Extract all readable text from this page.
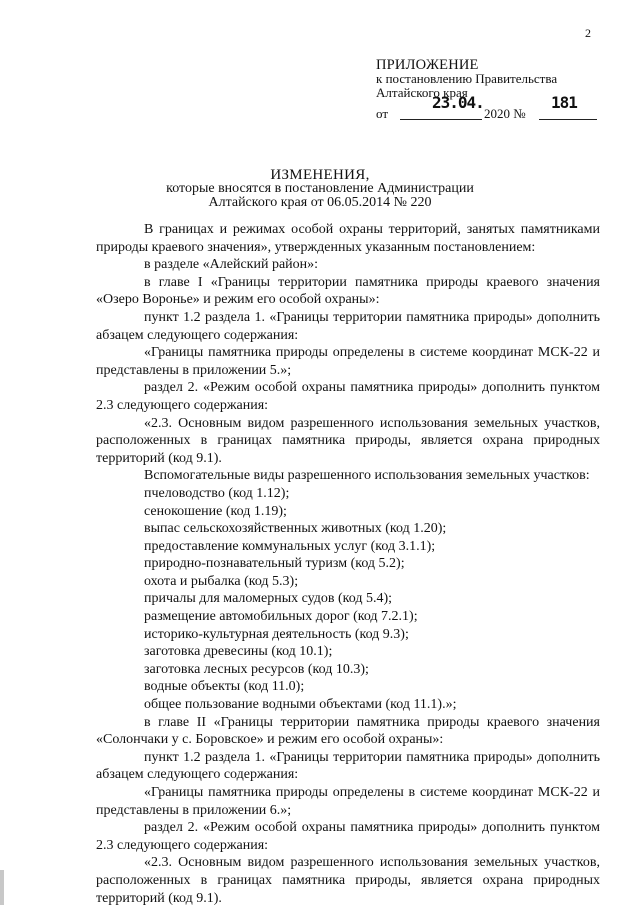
2
ПРИЛОЖЕНИЕ
к постановлению Правительства
Алтайского края
от
23.04.
2020 №
181
ИЗМЕНЕНИЯ,
которые вносятся в постановление Администрации
Алтайского края от 06.05.2014 № 220

В границах и режимах особой охраны территорий, занятых памятниками природы краевого значения», утвержденных указанным постановлением:

в разделе «Алейский район»:

в главе I «Границы территории памятника природы краевого значения «Озеро Воронье» и режим его особой охраны»:

пункт 1.2 раздела 1. «Границы территории памятника природы» дополнить абзацем следующего содержания:

«Границы памятника природы определены в системе координат МСК-22 и представлены в приложении 5.»;

раздел 2. «Режим особой охраны памятника природы» дополнить пунктом 2.3 следующего содержания:

«2.3. Основным видом разрешенного использования земельных участков, расположенных в границах памятника природы, является охрана природных территорий (код 9.1).

Вспомогательные виды разрешенного использования земельных участков:

пчеловодство (код 1.12);

сенокошение (код 1.19);

выпас сельскохозяйственных животных (код 1.20);

предоставление коммунальных услуг (код 3.1.1);

природно-познавательный туризм (код 5.2);

охота и рыбалка (код 5.3);

причалы для маломерных судов (код 5.4);

размещение автомобильных дорог (код 7.2.1);

историко-культурная деятельность (код 9.3);

заготовка древесины (код 10.1);

заготовка лесных ресурсов (код 10.3);

водные объекты (код 11.0);

общее пользование водными объектами (код 11.1).»;

в главе II «Границы территории памятника природы краевого значения «Солончаки у с. Боровское» и режим его особой охраны»:

пункт 1.2 раздела 1. «Границы территории памятника природы» дополнить абзацем следующего содержания:

«Границы памятника природы определены в системе координат МСК-22 и представлены в приложении 6.»;

раздел 2. «Режим особой охраны памятника природы» дополнить пунктом 2.3 следующего содержания:

«2.3. Основным видом разрешенного использования земельных участков, расположенных в границах памятника природы, является охрана природных территорий (код 9.1).
